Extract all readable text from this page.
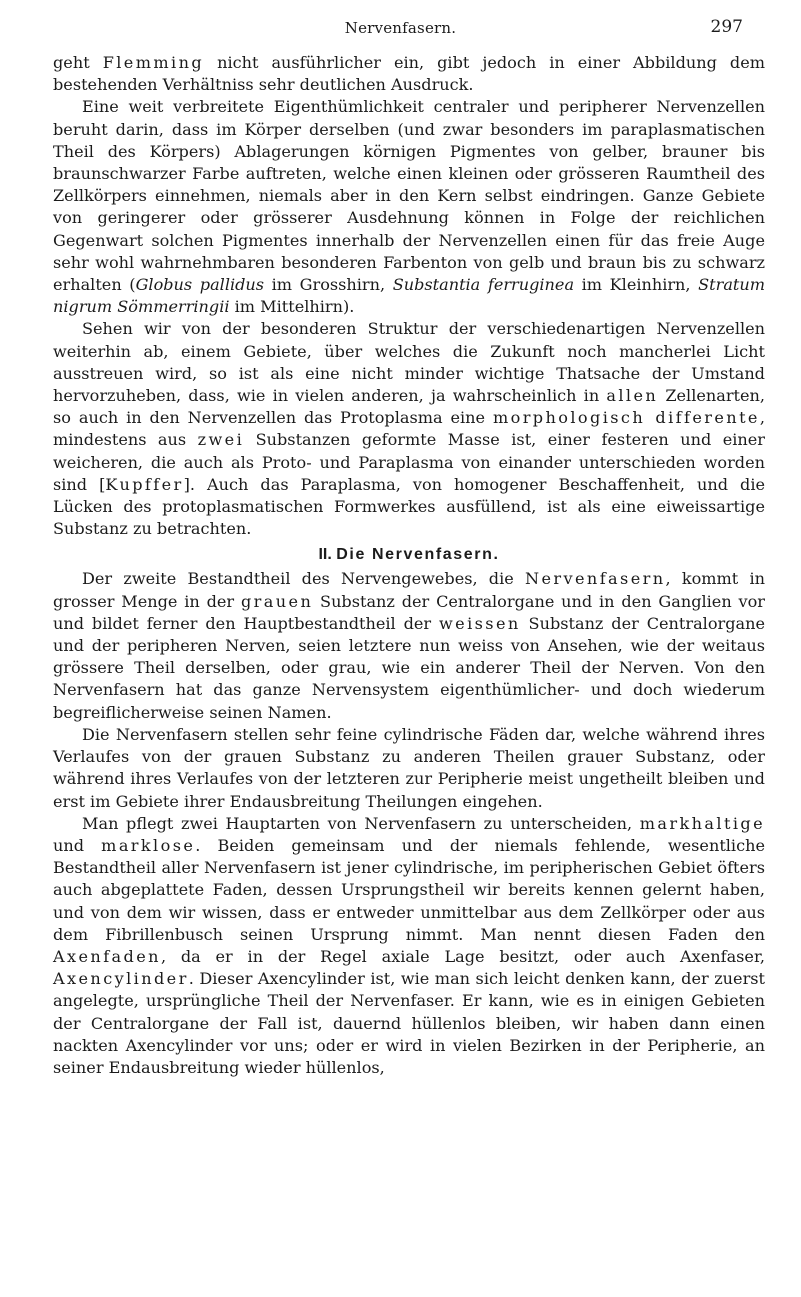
Nervenfasern.	297

geht Flemming nicht ausführlicher ein, gibt jedoch in einer Abbildung dem bestehenden Verhältniss sehr deutlichen Ausdruck.

Eine weit verbreitete Eigenthümlichkeit centraler und peripherer Nervenzellen beruht darin, dass im Körper derselben (und zwar besonders im paraplasmatischen Theil des Körpers) Ablagerungen körnigen Pigmentes von gelber, brauner bis braunschwarzer Farbe auftreten, welche einen kleinen oder grösseren Raumtheil des Zellkörpers einnehmen, niemals aber in den Kern selbst eindringen. Ganze Gebiete von geringerer oder grösserer Ausdehnung können in Folge der reichlichen Gegenwart solchen Pigmentes innerhalb der Nervenzellen einen für das freie Auge sehr wohl wahrnehmbaren besonderen Farbenton von gelb und braun bis zu schwarz erhalten (Globus pallidus im Grosshirn, Substantia ferruginea im Kleinhirn, Stratum nigrum Sömmerringii im Mittelhirn).

Sehen wir von der besonderen Struktur der verschiedenartigen Nervenzellen weiterhin ab, einem Gebiete, über welches die Zukunft noch mancherlei Licht ausstreuen wird, so ist als eine nicht minder wichtige Thatsache der Umstand hervorzuheben, dass, wie in vielen anderen, ja wahrscheinlich in allen Zellenarten, so auch in den Nervenzellen das Protoplasma eine morphologisch differente, mindestens aus zwei Substanzen geformte Masse ist, einer festeren und einer weicheren, die auch als Proto- und Paraplasma von einander unterschieden worden sind [Kupffer]. Auch das Paraplasma, von homogener Beschaffenheit, und die Lücken des protoplasmatischen Formwerkes ausfüllend, ist als eine eiweissartige Substanz zu betrachten.

II. Die Nervenfasern.

Der zweite Bestandtheil des Nervengewebes, die Nervenfasern, kommt in grosser Menge in der grauen Substanz der Centralorgane und in den Ganglien vor und bildet ferner den Hauptbestandtheil der weissen Substanz der Centralorgane und der peripheren Nerven, seien letztere nun weiss von Ansehen, wie der weitaus grössere Theil derselben, oder grau, wie ein anderer Theil der Nerven. Von den Nervenfasern hat das ganze Nervensystem eigenthümlicher- und doch wiederum begreiflicherweise seinen Namen.

Die Nervenfasern stellen sehr feine cylindrische Fäden dar, welche während ihres Verlaufes von der grauen Substanz zu anderen Theilen grauer Substanz, oder während ihres Verlaufes von der letzteren zur Peripherie meist ungetheilt bleiben und erst im Gebiete ihrer Endausbreitung Theilungen eingehen.

Man pflegt zwei Hauptarten von Nervenfasern zu unterscheiden, markhaltige und marklose. Beiden gemeinsam und der niemals fehlende, wesentliche Bestandtheil aller Nervenfasern ist jener cylindrische, im peripherischen Gebiet öfters auch abgeplattete Faden, dessen Ursprungstheil wir bereits kennen gelernt haben, und von dem wir wissen, dass er entweder unmittelbar aus dem Zellkörper oder aus dem Fibrillenbusch seinen Ursprung nimmt. Man nennt diesen Faden den Axenfaden, da er in der Regel axiale Lage besitzt, oder auch Axenfaser, Axencylinder. Dieser Axencylinder ist, wie man sich leicht denken kann, der zuerst angelegte, ursprüngliche Theil der Nervenfaser. Er kann, wie es in einigen Gebieten der Centralorgane der Fall ist, dauernd hüllenlos bleiben, wir haben dann einen nackten Axencylinder vor uns; oder er wird in vielen Bezirken in der Peripherie, an seiner Endausbreitung wieder hüllenlos,
